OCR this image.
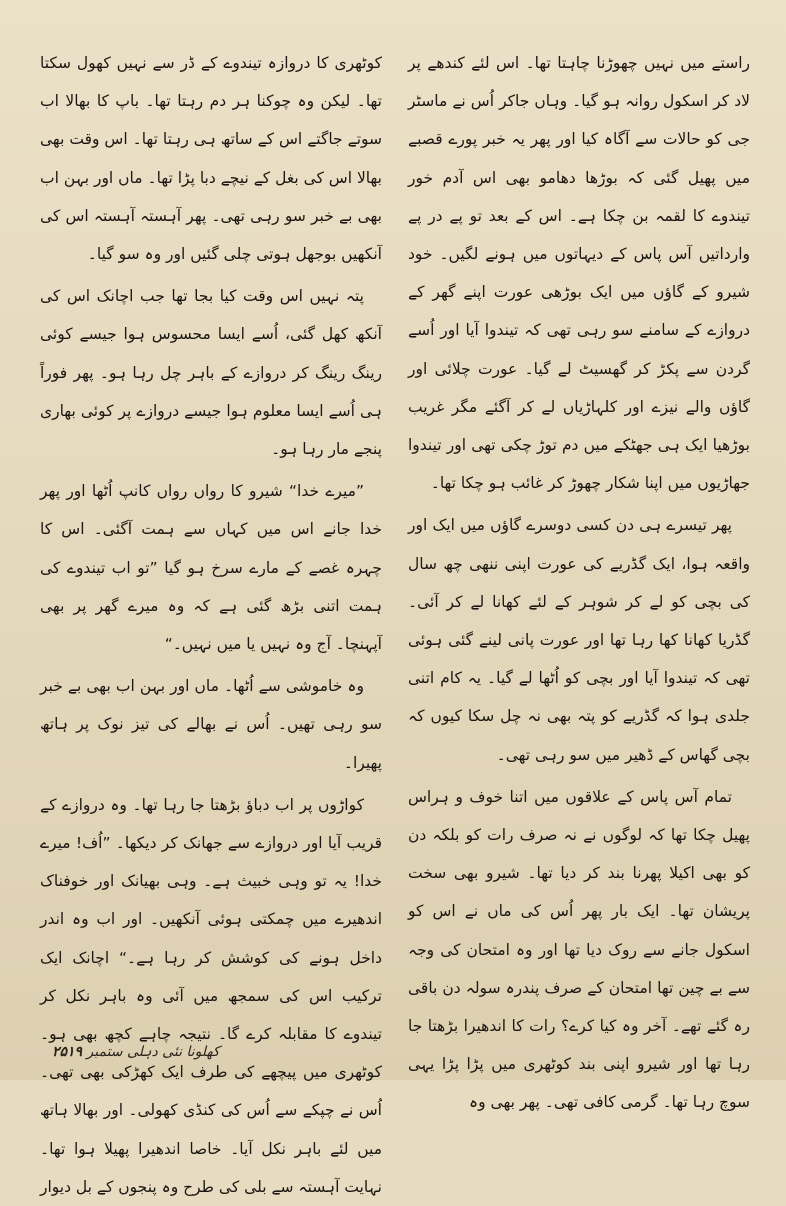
راستے میں نہیں چھوڑنا چاہتا تھا۔ اس لئے کندھے پر لاد کر اسکول روانہ ہو گیا۔ وہاں جاکر اُس نے ماسٹر جی کو حالات سے آگاہ کیا اور پھر یہ خبر پورے قصبے میں پھیل گئی کہ بوڑھا دھامو بھی اس آدم خور تیندوے کا لقمہ بن چکا ہے۔ اس کے بعد تو پے در پے وارداتیں آس پاس کے دیہاتوں میں ہونے لگیں۔ خود شیرو کے گاؤں میں ایک بوڑھی عورت اپنے گھر کے دروازے کے سامنے سو رہی تھی کہ تیندوا آیا اور اُسے گردن سے پکڑ کر گھسیٹ لے گیا۔ عورت چلائی اور گاؤں والے نیزے اور کلہاڑیاں لے کر آگئے مگر غریب بوڑھیا ایک ہی جھٹکے میں دم توڑ چکی تھی اور تیندوا جھاڑیوں میں اپنا شکار چھوڑ کر غائب ہو چکا تھا۔

پھر تیسرے ہی دن کسی دوسرے گاؤں میں ایک اور واقعہ ہوا، ایک گڈریے کی عورت اپنی ننھی چھ سال کی بچی کو لے کر شوہر کے لئے کھانا لے کر آئی۔ گڈریا کھانا کھا رہا تھا اور عورت پانی لینے گئی ہوئی تھی کہ تیندوا آیا اور بچی کو اُٹھا لے گیا۔ یہ کام اتنی جلدی ہوا کہ گڈریے کو پتہ بھی نہ چل سکا کیوں کہ بچی گھاس کے ڈھیر میں سو رہی تھی۔

تمام آس پاس کے علاقوں میں اتنا خوف و ہراس پھیل چکا تھا کہ لوگوں نے نہ صرف رات کو بلکہ دن کو بھی اکیلا پھرنا بند کر دیا تھا۔ شیرو بھی سخت پریشان تھا۔ ایک بار پھر اُس کی ماں نے اس کو اسکول جانے سے روک دیا تھا اور وہ امتحان کی وجہ سے بے چین تھا امتحان کے صرف پندرہ سولہ دن باقی رہ گئے تھے۔ آخر وہ کیا کرے؟ رات کا اندھیرا بڑھتا جا رہا تھا اور شیرو اپنی بند کوٹھری میں پڑا پڑا یہی سوچ رہا تھا۔ گرمی کافی تھی۔ پھر بھی وہ

کوٹھری کا دروازہ تیندوے کے ڈر سے نہیں کھول سکتا تھا۔ لیکن وہ چوکنا ہر دم رہتا تھا۔ باپ کا بھالا اب سوتے جاگتے اس کے ساتھ ہی رہتا تھا۔ اس وقت بھی بھالا اس کی بغل کے نیچے دبا پڑا تھا۔ ماں اور بہن اب بھی بے خبر سو رہی تھی۔ پھر آہستہ آہستہ اس کی آنکھیں بوجھل ہوتی چلی گئیں اور وہ سو گیا۔

پتہ نہیں اس وقت کیا بجا تھا جب اچانک اس کی آنکھ کھل گئی، اُسے ایسا محسوس ہوا جیسے کوئی رینگ رینگ کر دروازے کے باہر چل رہا ہو۔ پھر فوراً ہی اُسے ایسا معلوم ہوا جیسے دروازے پر کوئی بھاری پنجے مار رہا ہو۔

”میرے خدا“ شیرو کا رواں رواں کانپ اُٹھا اور پھر خدا جانے اس میں کہاں سے ہمت آگئی۔ اس کا چہرہ غصے کے مارے سرخ ہو گیا ”تو اب تیندوے کی ہمت اتنی بڑھ گئی ہے کہ وہ میرے گھر پر بھی آپہنچا۔ آج وہ نہیں یا میں نہیں۔“

وہ خاموشی سے اُٹھا۔ ماں اور بہن اب بھی بے خبر سو رہی تھیں۔ اُس نے بھالے کی تیز نوک پر ہاتھ پھیرا۔

کواڑوں پر اب دباؤ بڑھتا جا رہا تھا۔ وہ دروازے کے قریب آیا اور دروازے سے جھانک کر دیکھا۔ ”اُف! میرے خدا! یہ تو وہی خبیث ہے۔ وہی بھیانک اور خوفناک اندھیرے میں چمکتی ہوئی آنکھیں۔ اور اب وہ اندر داخل ہونے کی کوشش کر رہا ہے۔“ اچانک ایک ترکیب اس کی سمجھ میں آئی وہ باہر نکل کر تیندوے کا مقابلہ کرے گا۔ نتیجہ چاہے کچھ بھی ہو۔ کوٹھری میں پیچھے کی طرف ایک کھڑکی بھی تھی۔ اُس نے چپکے سے اُس کی کنڈی کھولی۔ اور بھالا ہاتھ میں لئے باہر نکل آیا۔ خاصا اندھیرا پھیلا ہوا تھا۔ نہایت آہستہ سے بلی کی طرح وہ پنجوں کے بل دیوار

کھلونا نئی دہلی ستمبر ۲۵۱۹
